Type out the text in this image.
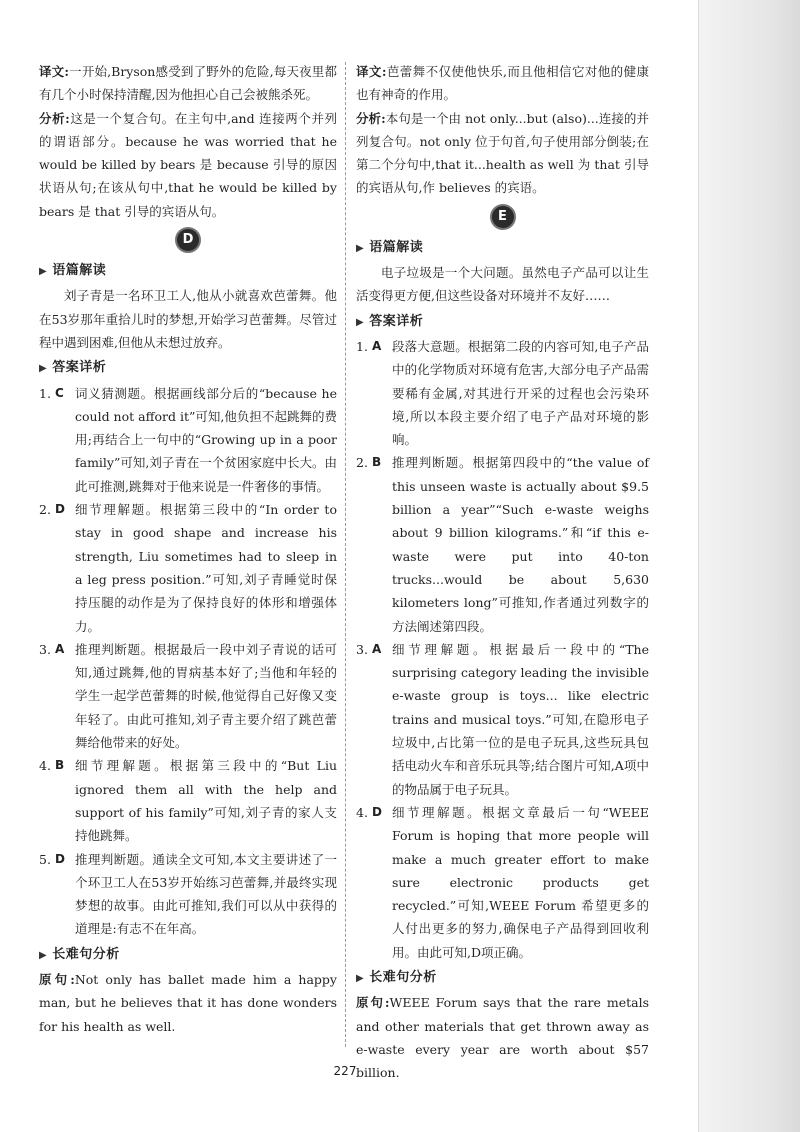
译文:一开始,Bryson感受到了野外的危险,每天夜里都有几个小时保持清醒,因为他担心自己会被熊杀死。

分析:这是一个复合句。在主句中,and 连接两个并列的谓语部分。because he was worried that he would be killed by bears 是 because 引导的原因状语从句;在该从句中,that he would be killed by bears 是 that 引导的宾语从句。

D
▶ 语篇解读

刘子青是一名环卫工人,他从小就喜欢芭蕾舞。他在53岁那年重拾儿时的梦想,开始学习芭蕾舞。尽管过程中遇到困难,但他从未想过放弃。

▶ 答案详析
1. C 词义猜测题。根据画线部分后的“because he could not afford it”可知,他负担不起跳舞的费用;再结合上一句中的“Growing up in a poor family”可知,刘子青在一个贫困家庭中长大。由此可推测,跳舞对于他来说是一件奢侈的事情。
2. D 细节理解题。根据第三段中的“In order to stay in good shape and increase his strength, Liu sometimes had to sleep in a leg press position.”可知,刘子青睡觉时保持压腿的动作是为了保持良好的体形和增强体力。
3. A 推理判断题。根据最后一段中刘子青说的话可知,通过跳舞,他的胃病基本好了;当他和年轻的学生一起学芭蕾舞的时候,他觉得自己好像又变年轻了。由此可推知,刘子青主要介绍了跳芭蕾舞给他带来的好处。
4. B 细节理解题。根据第三段中的“But Liu ignored them all with the help and support of his family”可知,刘子青的家人支持他跳舞。
5. D 推理判断题。通读全文可知,本文主要讲述了一个环卫工人在53岁开始练习芭蕾舞,并最终实现梦想的故事。由此可推知,我们可以从中获得的道理是:有志不在年高。
▶ 长难句分析

原句:Not only has ballet made him a happy man, but he believes that it has done wonders for his health as well.

译文:芭蕾舞不仅使他快乐,而且他相信它对他的健康也有神奇的作用。

分析:本句是一个由 not only...but (also)...连接的并列复合句。not only 位于句首,句子使用部分倒装;在第二个分句中,that it...health as well 为 that 引导的宾语从句,作 believes 的宾语。

E
▶ 语篇解读

电子垃圾是一个大问题。虽然电子产品可以让生活变得更方便,但这些设备对环境并不友好……

▶ 答案详析
1. A 段落大意题。根据第二段的内容可知,电子产品中的化学物质对环境有危害,大部分电子产品需要稀有金属,对其进行开采的过程也会污染环境,所以本段主要介绍了电子产品对环境的影响。
2. B 推理判断题。根据第四段中的“the value of this unseen waste is actually about $9.5 billion a year”“Such e-waste weighs about 9 billion kilograms.”和“if this e-waste were put into 40-ton trucks...would be about 5,630 kilometers long”可推知,作者通过列数字的方法阐述第四段。
3. A 细节理解题。根据最后一段中的“The surprising category leading the invisible e-waste group is toys... like electric trains and musical toys.”可知,在隐形电子垃圾中,占比第一位的是电子玩具,这些玩具包括电动火车和音乐玩具等;结合图片可知,A项中的物品属于电子玩具。
4. D 细节理解题。根据文章最后一句“WEEE Forum is hoping that more people will make a much greater effort to make sure electronic products get recycled.”可知,WEEE Forum 希望更多的人付出更多的努力,确保电子产品得到回收利用。由此可知,D项正确。
▶ 长难句分析

原句:WEEE Forum says that the rare metals and other materials that get thrown away as e-waste every year are worth about $57 billion.

227
